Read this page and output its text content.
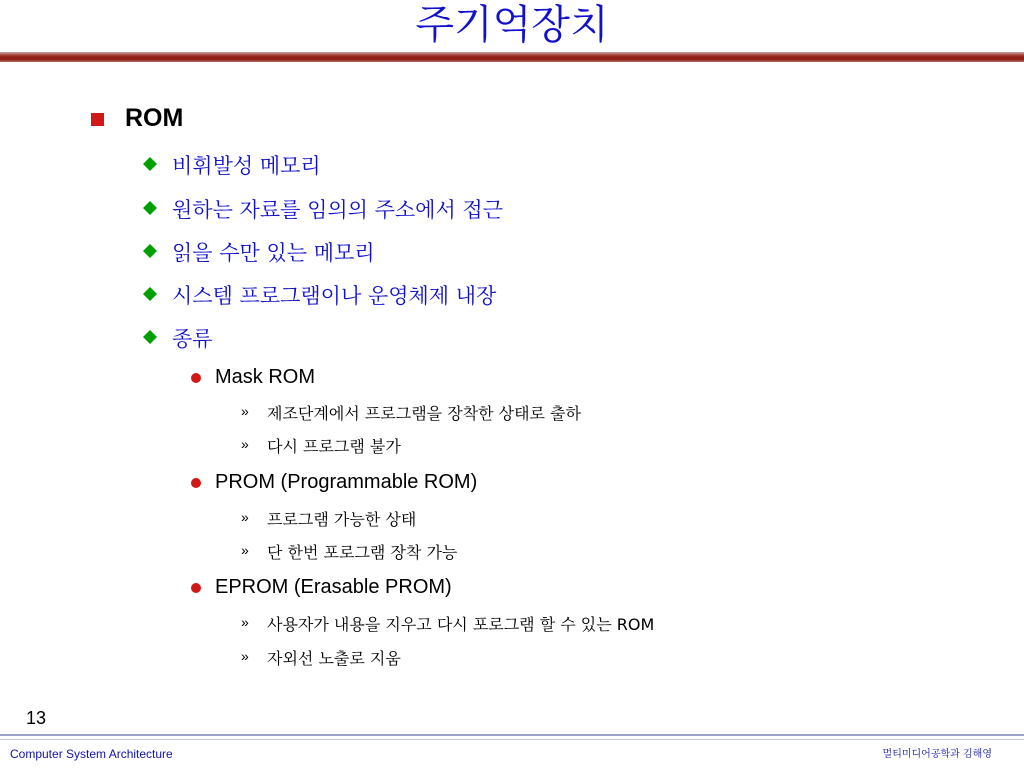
주기억장치
ROM
비휘발성 메모리
원하는 자료를 임의의 주소에서 접근
읽을 수만 있는 메모리
시스템 프로그램이나 운영체제 내장
종류
Mask ROM
» 제조단계에서 프로그램을 장착한 상태로 출하
» 다시 프로그램 불가
PROM (Programmable ROM)
» 프로그램 가능한 상태
» 단 한번 포로그램 장착 가능
EPROM (Erasable PROM)
» 사용자가 내용을 지우고 다시 포로그램 할 수 있는 ROM
» 자외선 노출로 지움
13
Computer System Architecture	멀티미디어공학과 김해영
